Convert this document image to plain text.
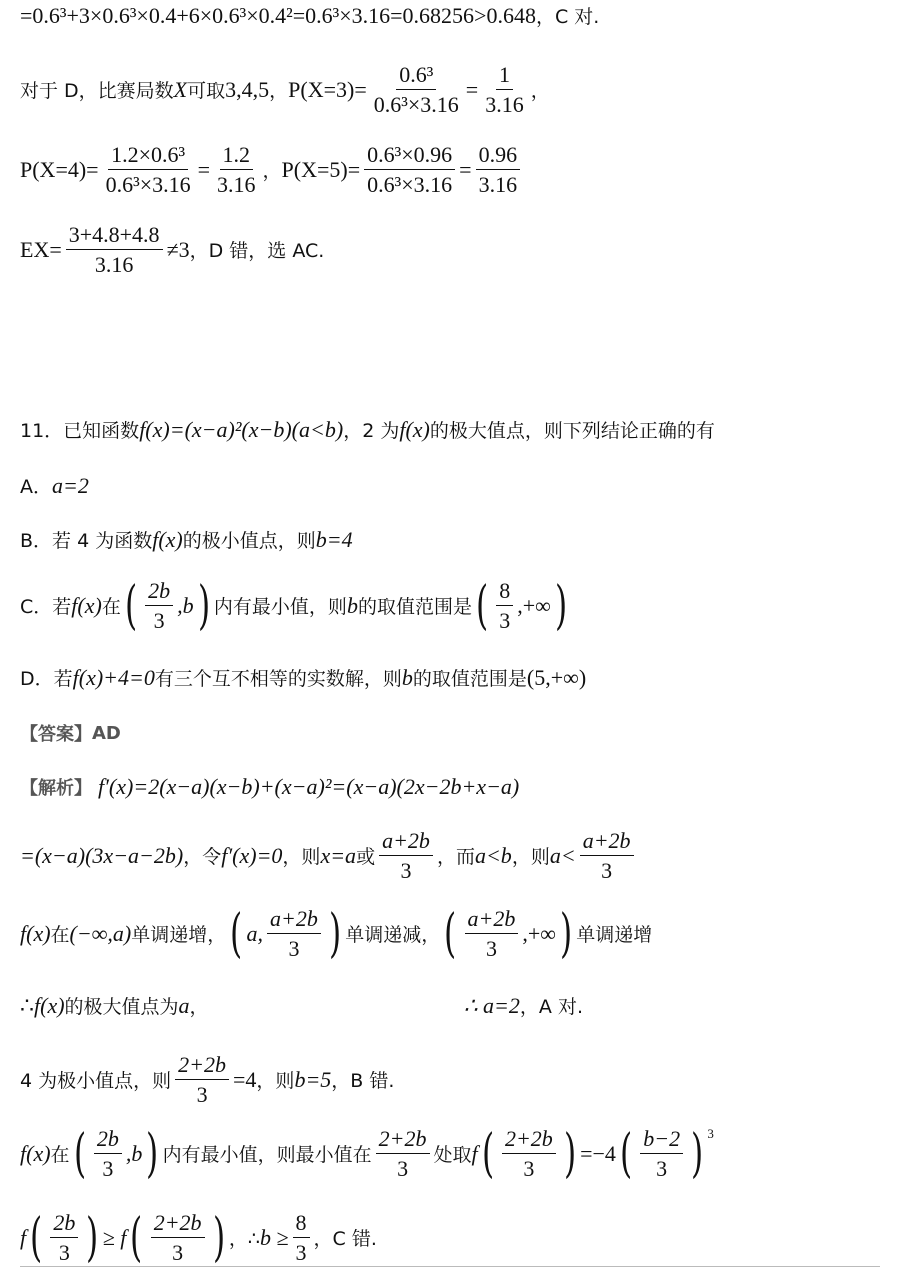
=0.6³+3×0.6³×0.4+6×0.6³×0.4²=0.6³×3.16=0.68256>0.648 ，C 对.
对于 D，比赛局数 X 可取 3,4,5 ， $P(X=3)= \frac{\text{0.6³}}{\text{0.6³×3.16}} = \frac{1}{3.16}$ ，
$P(X=4)= \frac{\text{1.2×0.6³}}{\text{0.6³×3.16}} = \frac{1.2}{3.16}$ ， $P(X=5)= \frac{\text{0.6³×0.96}}{\text{0.6³×3.16}} = \frac{0.96}{3.16}$
$EX= \frac{3+4.8+4.8}{3.16} \ne 3$ ，D 错，选 AC.
11．已知函数 f(x)=(x−a)²(x−b)(a<b) ，2 为 f(x) 的极大值点，则下列结论正确的有
A． a=2
B．若 4 为函数 f(x) 的极小值点，则 b=4
C．若 f(x) 在 ( $\frac{2b}{3} ,b$ ) 内有最小值，则 b 的取值范围是 ( $\frac{8}{3}$ ,+∞ )
D．若 f(x)+4=0 有三个互不相等的实数解，则 b 的取值范围是 (5,+∞)
【答案】 AD
【解析】 f′(x)=2(x−a)(x−b)+(x−a)²=(x−a)(2x−2b+x−a)
=(x−a)(3x−a−2b) ，令 f′(x)=0 ，则 x=a 或 $\frac{a+2b}{3}$ ，而 a<b ，则 $a< \frac{a+2b}{3}$
f(x) 在 (−∞,a) 单调递增， ( a, $\frac{a+2b}{3}$ ) 单调递减， ( $\frac{a+2b}{3}$ ,+∞ ) 单调递增
∴ f(x) 的极大值点为 a ，	∴ a=2 ，A 对.
4 为极小值点，则 $\frac{2+2b}{3} =4$ ，则 b=5 ，B 错.
f(x) 在 ( $\frac{2b}{3} ,b$ ) 内有最小值，则最小值在 $\frac{2+2b}{3}$ 处取 f ( $\frac{2+2b}{3}$ ) =−4 ( $\frac{b-2}{3}$ ) $^3$
f ( $\frac{2b}{3}$ ) ≥ f ( $\frac{2+2b}{3}$ ) ，∴ $b \ge \frac{8}{3}$ ，C 错.
